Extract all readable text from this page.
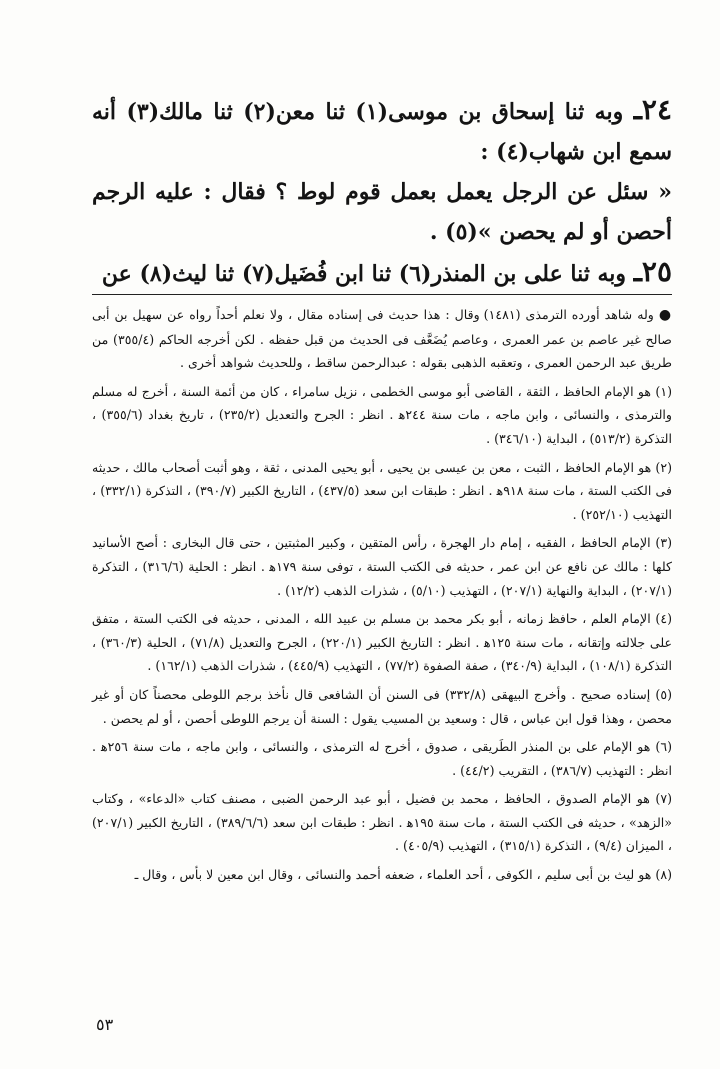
٢٤ـ وبه ثنا إسحاق بن موسى(١) ثنا معن(٢) ثنا مالك(٣) أنه سمع ابن شهاب(٤) :

« سئل عن الرجل يعمل بعمل قوم لوط ؟ فقال : عليه الرجم أحصن أو لم يحصن »(٥) .

٢٥ـ وبه ثنا على بن المنذر(٦) ثنا ابن فُضَيل(٧) ثنا ليث(٨) عن

● وله شاهد أورده الترمذى (١٤٨١) وقال : هذا حديث فى إسناده مقال ، ولا نعلم أحداً رواه عن سهيل بن أبى صالح غير عاصم بن عمر العمرى ، وعاصم يُضَعَّف فى الحديث من قبل حفظه . لكن أخرجه الحاكم (٣٥٥/٤) من طريق عبد الرحمن العمرى ، وتعقبه الذهبى بقوله : عبدالرحمن ساقط ، وللحديث شواهد أخرى .

(١) هو الإمام الحافظ ، الثقة ، القاضى أبو موسى الخطمى ، نزيل سامراء ، كان من أئمة السنة ، أخرج له مسلم والترمذى ، والنسائى ، وابن ماجه ، مات سنة ٢٤٤ﻫ . انظر : الجرح والتعديل (٢٣٥/٢) ، تاريخ بغداد (٣٥٥/٦) ، التذكرة (٥١٣/٢) ، البداية (٣٤٦/١٠) .

(٢) هو الإمام الحافظ ، الثبت ، معن بن عيسى بن يحيى ، أبو يحيى المدنى ، ثقة ، وهو أثبت أصحاب مالك ، حديثه فى الكتب الستة ، مات سنة ٩١٨ﻫ . انظر : طبقات ابن سعد (٤٣٧/٥) ، التاريخ الكبير (٣٩٠/٧) ، التذكرة (٣٣٢/١) ، التهذيب (٢٥٢/١٠) .

(٣) الإمام الحافظ ، الفقيه ، إمام دار الهجرة ، رأس المتقين ، وكبير المثبتين ، حتى قال البخارى : أصح الأسانيد كلها : مالك عن نافع عن ابن عمر ، حديثه فى الكتب الستة ، توفى سنة ١٧٩ﻫ . انظر : الحلية (٣١٦/٦) ، التذكرة (٢٠٧/١) ، البداية والنهاية (٢٠٧/١) ، التهذيب (٥/١٠) ، شذرات الذهب (١٢/٢) .

(٤) الإمام العلم ، حافظ زمانه ، أبو بكر محمد بن مسلم بن عبيد الله ، المدنى ، حديثه فى الكتب الستة ، متفق على جلالته وإتقانه ، مات سنة ١٢٥ﻫ . انظر : التاريخ الكبير (٢٢٠/١) ، الجرح والتعديل (٧١/٨) ، الحلية (٣٦٠/٣) ، التذكرة (١٠٨/١) ، البداية (٣٤٠/٩) ، صفة الصفوة (٧٧/٢) ، التهذيب (٤٤٥/٩) ، شذرات الذهب (١٦٢/١) .

(٥) إسناده صحيح . وأخرج البيهقى (٣٣٢/٨) فى السنن أن الشافعى قال نأخذ برجم اللوطى محصناً كان أو غير محصن ، وهذا قول ابن عباس ، قال : وسعيد بن المسيب يقول : السنة أن يرجم اللوطى أحصن ، أو لم يحصن .

(٦) هو الإمام على بن المنذر الطَريقى ، صدوق ، أخرج له الترمذى ، والنسائى ، وابن ماجه ، مات سنة ٢٥٦ﻫ . انظر : التهذيب (٣٨٦/٧) ، التقريب (٤٤/٢) .

(٧) هو الإمام الصدوق ، الحافظ ، محمد بن فضيل ، أبو عبد الرحمن الضبى ، مصنف كتاب «الدعاء» ، وكتاب «الزهد» ، حديثه فى الكتب الستة ، مات سنة ١٩٥ﻫ . انظر : طبقات ابن سعد (٣٨٩/٦/٦) ، التاريخ الكبير (٢٠٧/١) ، الميزان (٩/٤) ، التذكرة (٣١٥/١) ، التهذيب (٤٠٥/٩) .

(٨) هو ليث بن أبى سليم ، الكوفى ، أحد العلماء ، ضعفه أحمد والنسائى ، وقال ابن معين لا بأس ، وقال ـ

٥٣
